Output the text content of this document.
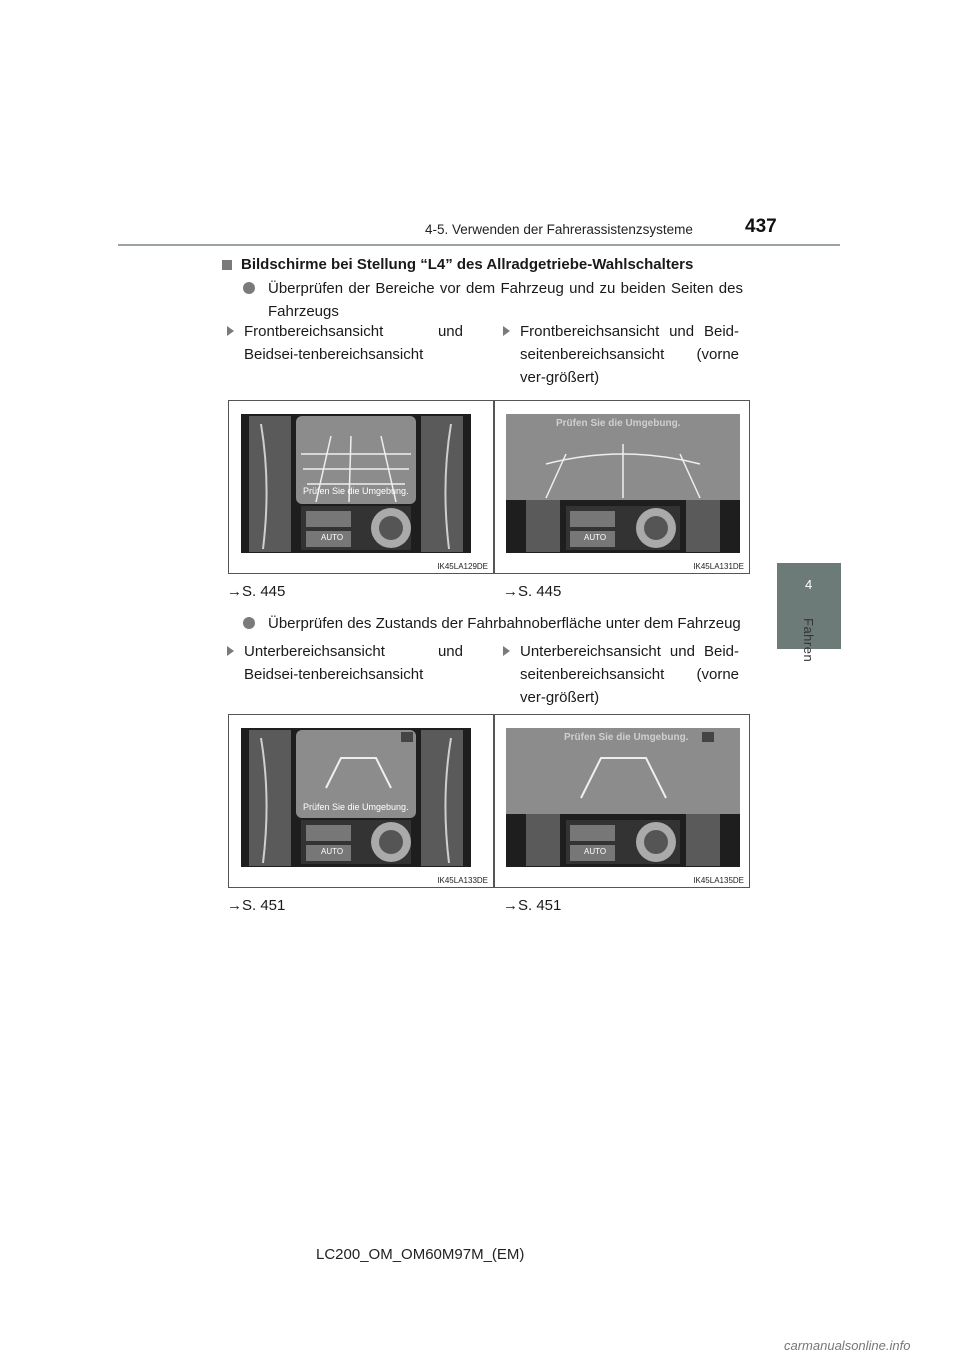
4-5. Verwenden der Fahrerassistenzsysteme	437
4
Fahren
Bildschirme bei Stellung “L4” des Allradgetriebe-Wahlschalters
Überprüfen der Bereiche vor dem Fahrzeug und zu beiden Seiten des Fahrzeugs
Frontbereichsansicht und Beidsei-tenbereichsansicht
Frontbereichsansicht und Beid-seitenbereichsansicht (vorne ver-größert)
Prüfen Sie die Umgebung.
AUTO
IK45LA129DE
Prüfen Sie die Umgebung.
AUTO
IK45LA131DE
→S. 445	→S. 445
Überprüfen des Zustands der Fahrbahnoberfläche unter dem Fahrzeug
Unterbereichsansicht und Beidsei-tenbereichsansicht
Unterbereichsansicht und Beid-seitenbereichsansicht (vorne ver-größert)
Prüfen Sie die Umgebung.
AUTO
IK45LA133DE
Prüfen Sie die Umgebung.
AUTO
IK45LA135DE
→S. 451	→S. 451
LC200_OM_OM60M97M_(EM)
carmanualsonline.info
